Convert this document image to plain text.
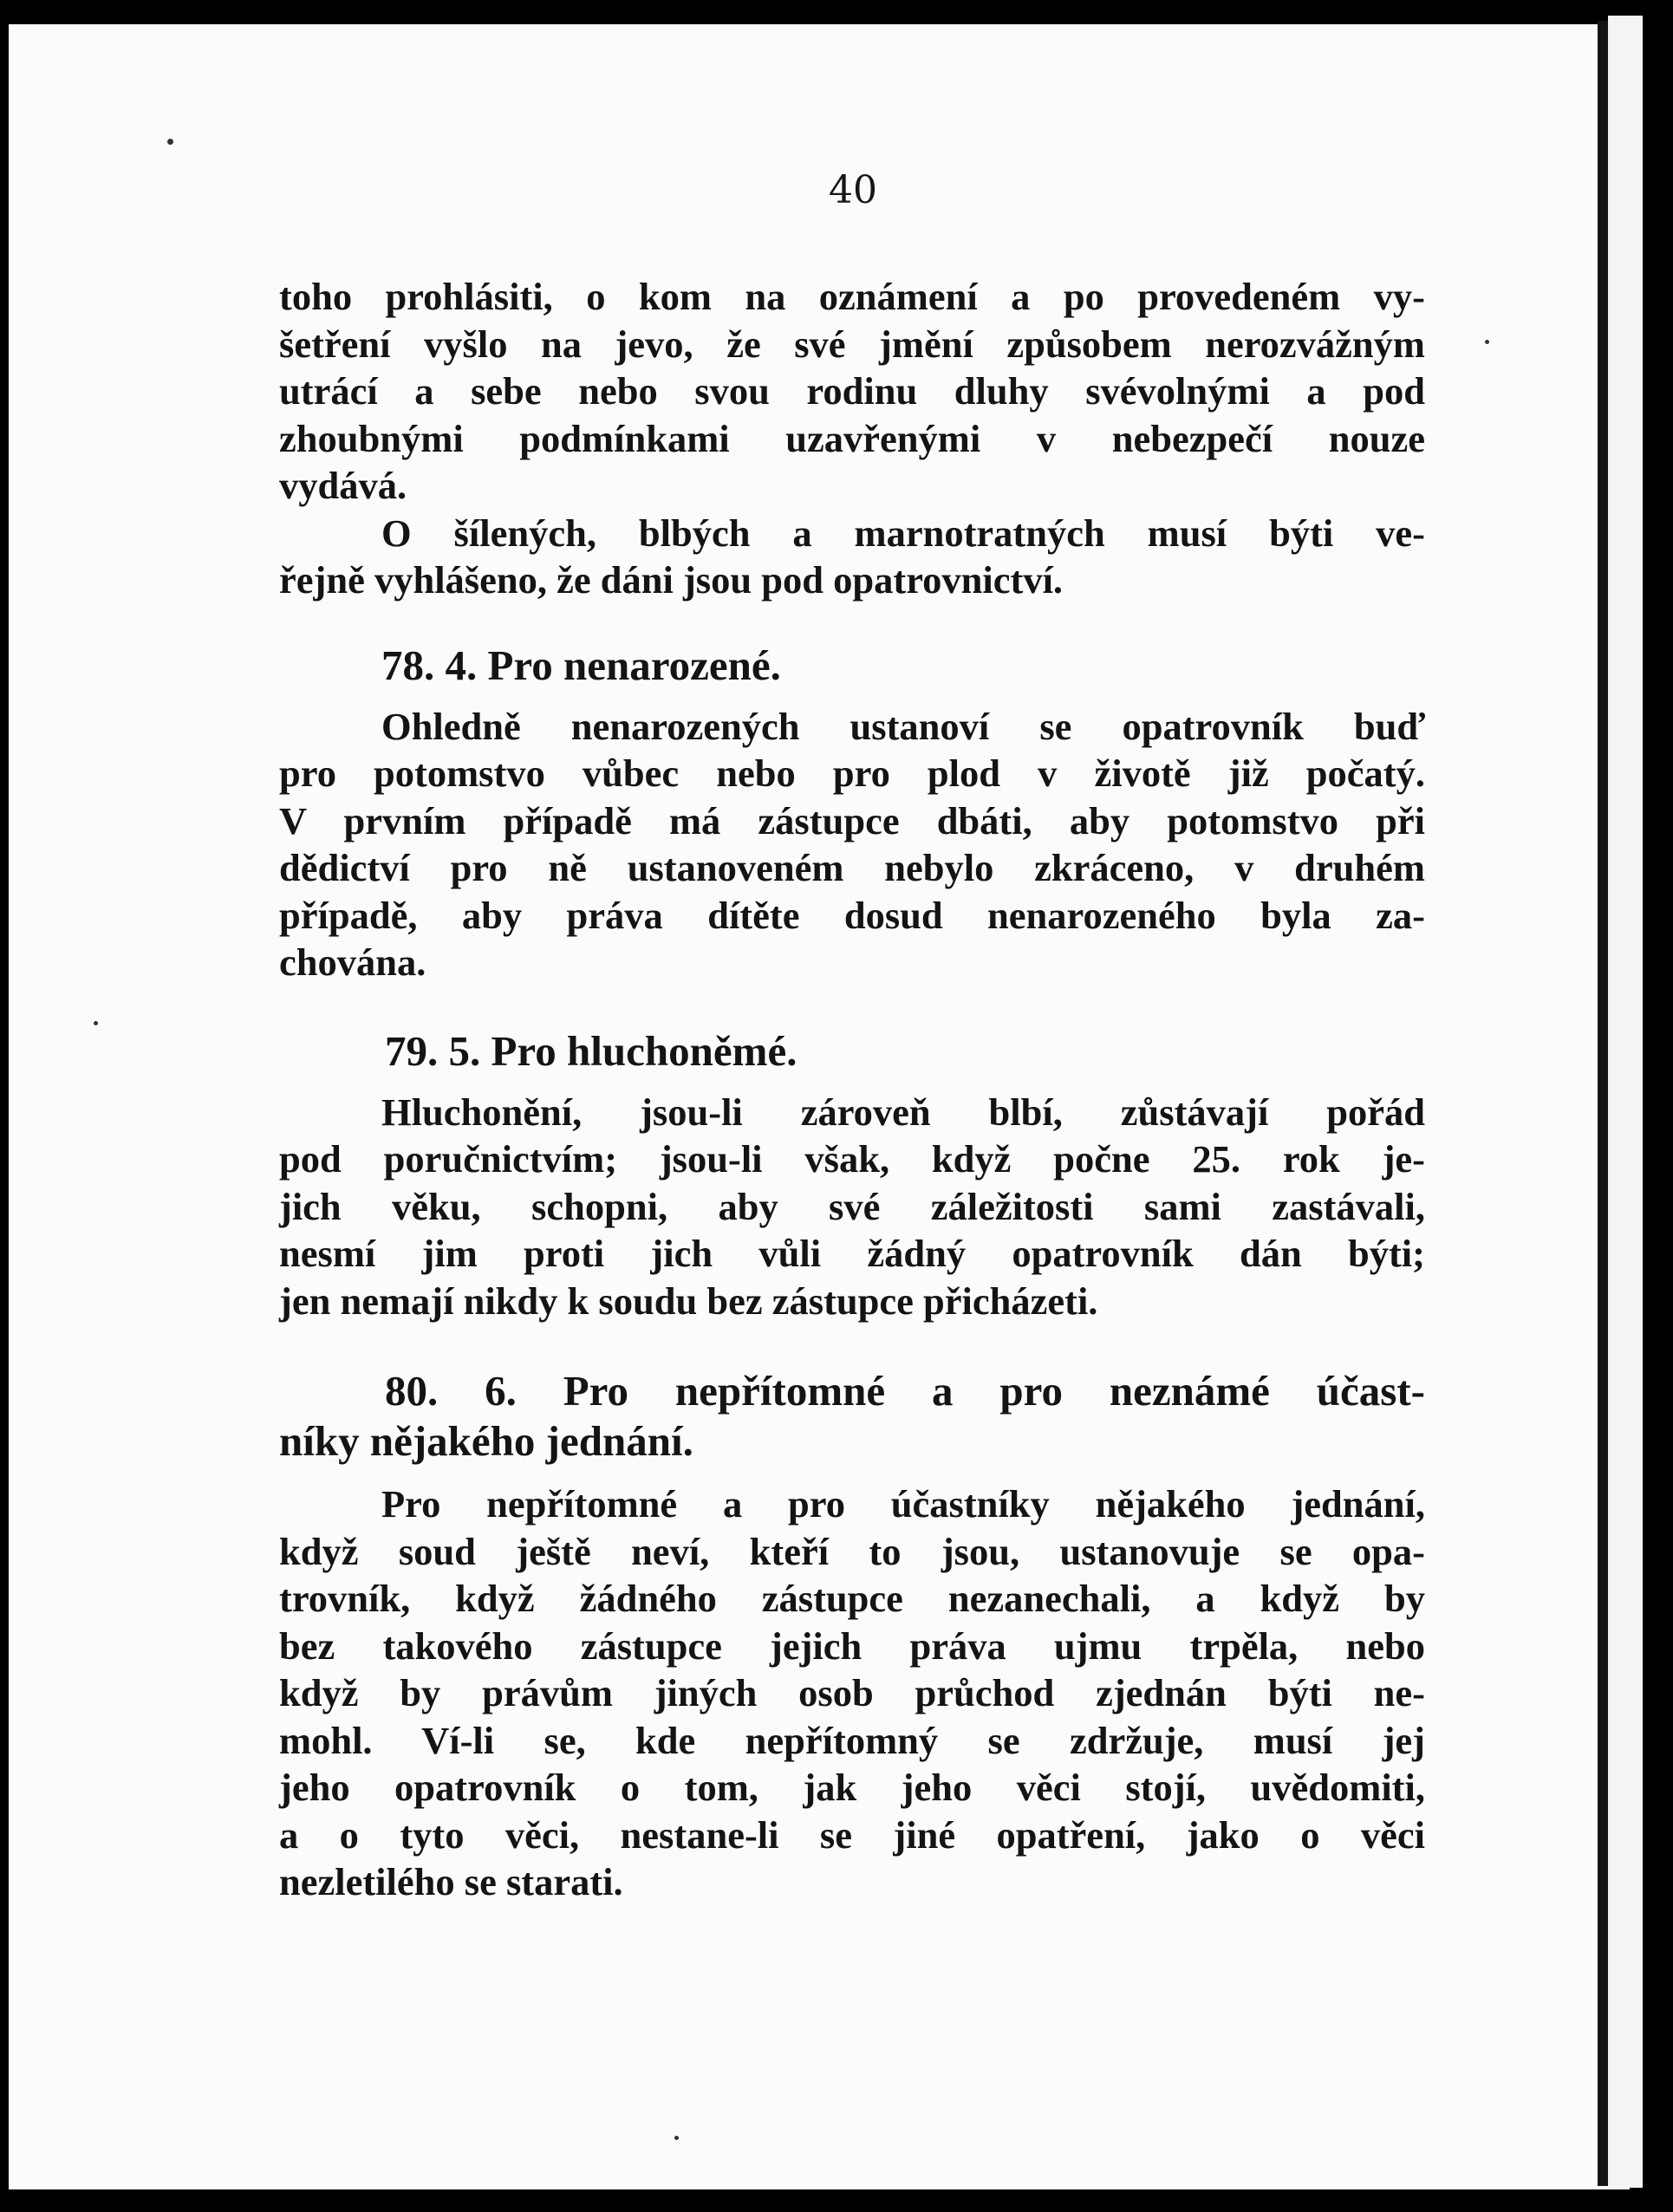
40

toho prohlásiti, o kom na oznámení a po provedeném vy-
šetření vyšlo na jevo, že své jmění způsobem nerozvážným
utrácí a sebe nebo svou rodinu dluhy svévolnými a pod
zhoubnými podmínkami uzavřenými v nebezpečí nouze
vydává.

O šílených, blbých a marnotratných musí býti ve-
řejně vyhlášeno, že dáni jsou pod opatrovnictví.

78. 4. Pro nenarozené.

Ohledně nenarozených ustanoví se opatrovník buď
pro potomstvo vůbec nebo pro plod v životě již počatý.
V prvním případě má zástupce dbáti, aby potomstvo při
dědictví pro ně ustanoveném nebylo zkráceno, v druhém
případě, aby práva dítěte dosud nenarozeného byla za-
chována.

79. 5. Pro hluchoněmé.

Hluchonění, jsou-li zároveň blbí, zůstávají pořád
pod poručnictvím; jsou-li však, když počne 25. rok je-
jich věku, schopni, aby své záležitosti sami zastávali,
nesmí jim proti jich vůli žádný opatrovník dán býti;
jen nemají nikdy k soudu bez zástupce přicházeti.

80. 6. Pro nepřítomné a pro neznámé účast-
níky nějakého jednání.

Pro nepřítomné a pro účastníky nějakého jednání,
když soud ještě neví, kteří to jsou, ustanovuje se opa-
trovník, když žádného zástupce nezanechali, a když by
bez takového zástupce jejich práva ujmu trpěla, nebo
když by právům jiných osob průchod zjednán býti ne-
mohl. Ví-li se, kde nepřítomný se zdržuje, musí jej
jeho opatrovník o tom, jak jeho věci stojí, uvědomiti,
a o tyto věci, nestane-li se jiné opatření, jako o věci
nezletilého se starati.
